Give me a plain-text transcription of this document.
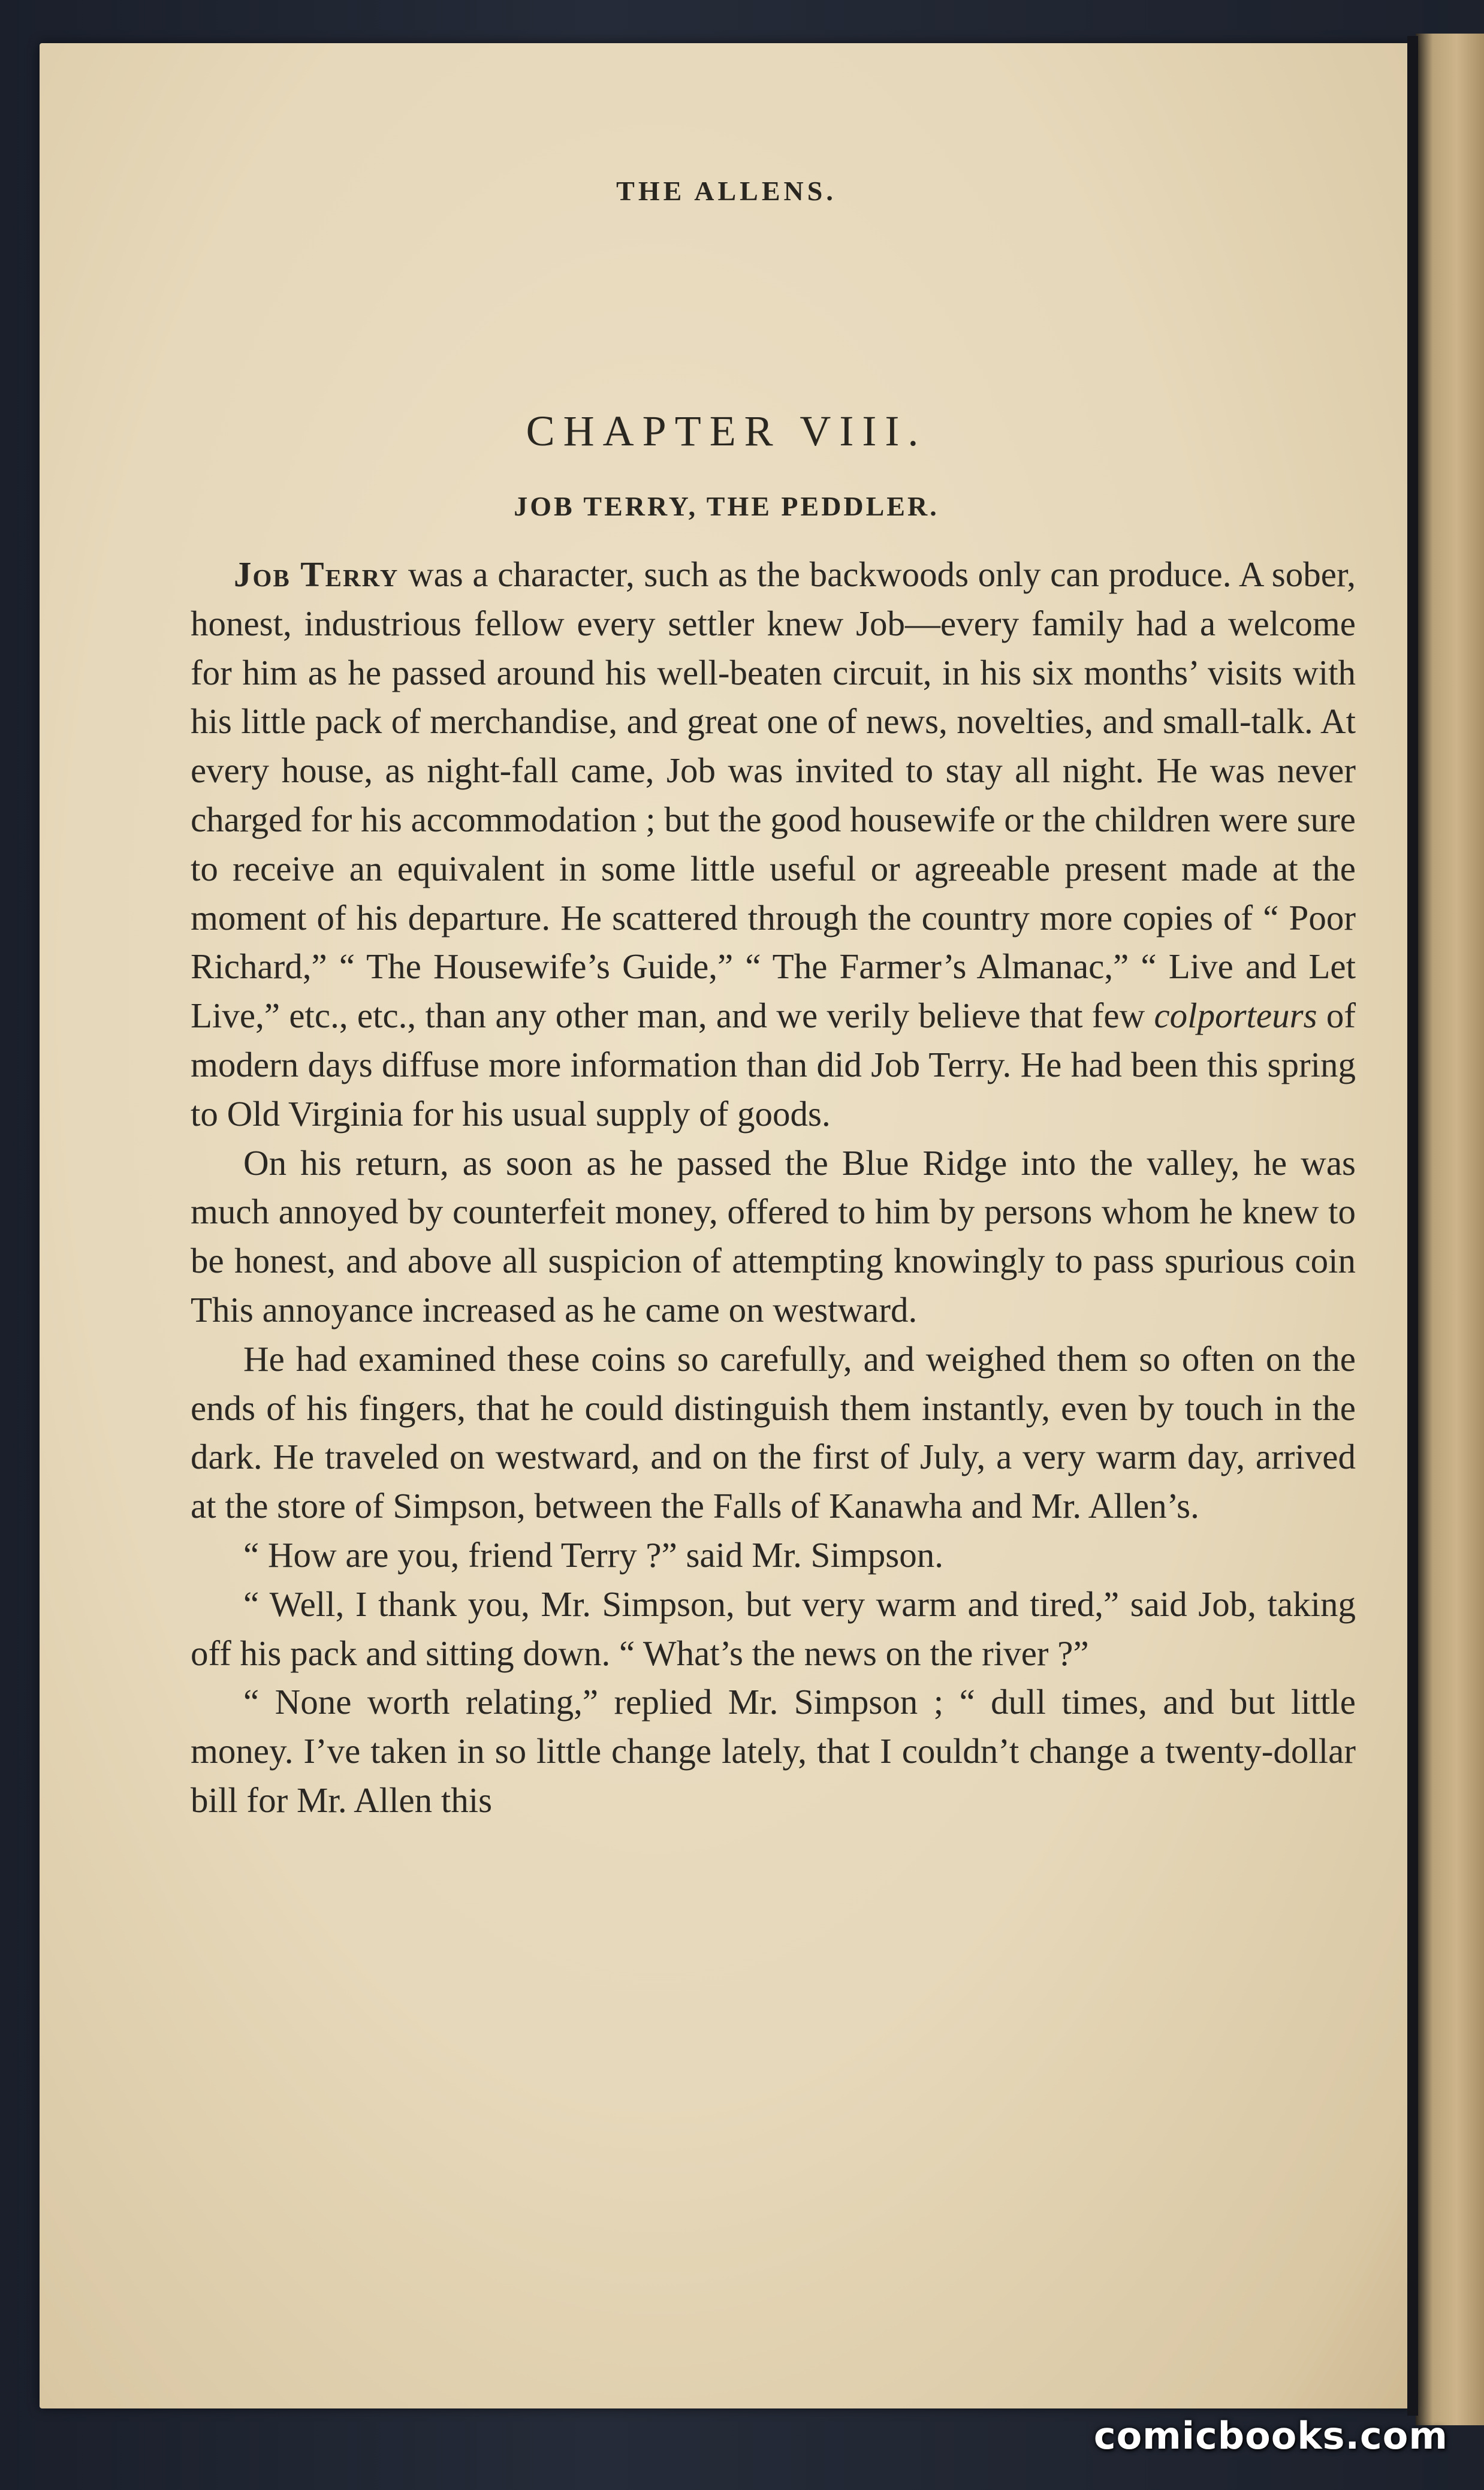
THE ALLENS.
CHAPTER VIII.
JOB TERRY, THE PEDDLER.

Job Terry was a character, such as the backwoods only can produce. A sober, honest, industrious fellow every settler knew Job—every family had a welcome for him as he passed around his well-beaten circuit, in his six months’ visits with his little pack of merchandise, and great one of news, novelties, and small-talk. At every house, as night-fall came, Job was invited to stay all night. He was never charged for his accommodation ; but the good housewife or the children were sure to receive an equivalent in some little useful or agreeable present made at the moment of his departure. He scattered through the country more copies of “ Poor Richard,” “ The Housewife’s Guide,” “ The Farmer’s Almanac,” “ Live and Let Live,” etc., etc., than any other man, and we verily believe that few colporteurs of modern days diffuse more information than did Job Terry. He had been this spring to Old Virginia for his usual supply of goods.

On his return, as soon as he passed the Blue Ridge into the valley, he was much annoyed by counterfeit money, offered to him by persons whom he knew to be honest, and above all suspicion of attempting knowingly to pass spurious coin This annoyance increased as he came on westward.

He had examined these coins so carefully, and weighed them so often on the ends of his fingers, that he could distinguish them instantly, even by touch in the dark. He traveled on westward, and on the first of July, a very warm day, arrived at the store of Simpson, between the Falls of Kanawha and Mr. Allen’s.

“ How are you, friend Terry ?” said Mr. Simpson.

“ Well, I thank you, Mr. Simpson, but very warm and tired,” said Job, taking off his pack and sitting down. “ What’s the news on the river ?”

“ None worth relating,” replied Mr. Simpson ; “ dull times, and but little money. I’ve taken in so little change lately, that I couldn’t change a twenty-dollar bill for Mr. Allen this

comicbooks.com
